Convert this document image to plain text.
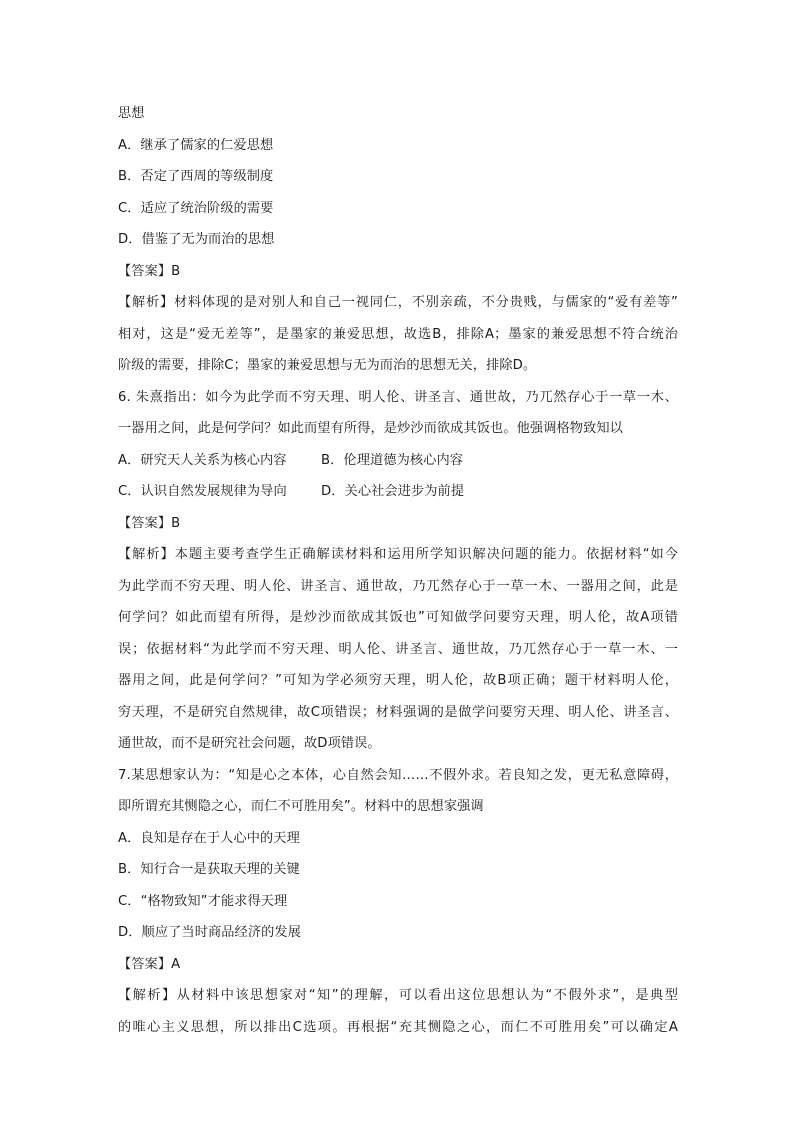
思想
A．继承了儒家的仁爱思想
B．否定了西周的等级制度
C．适应了统治阶级的需要
D．借鉴了无为而治的思想
【答案】B
【解析】材料体现的是对别人和自己一视同仁，不别亲疏，不分贵贱，与儒家的“爱有差等”
相对，这是“爱无差等”，是墨家的兼爱思想，故选B，排除A；墨家的兼爱思想不符合统治
阶级的需要，排除C；墨家的兼爱思想与无为而治的思想无关，排除D。
6. 朱熹指出：如今为此学而不穷天理、明人伦、讲圣言、通世故，乃兀然存心于一草一木、
一器用之间，此是何学问？如此而望有所得，是炒沙而欲成其饭也。他强调格物致知以
A．研究天人关系为核心内容	B．伦理道德为核心内容
C．认识自然发展规律为导向	D．关心社会进步为前提
【答案】B
【解析】本题主要考查学生正确解读材料和运用所学知识解决问题的能力。依据材料“如今
为此学而不穷天理、明人伦、讲圣言、通世故，乃兀然存心于一草一木、一器用之间，此是
何学问？如此而望有所得，是炒沙而欲成其饭也”可知做学问要穷天理，明人伦，故A项错
误；依据材料“为此学而不穷天理、明人伦、讲圣言、通世故，乃兀然存心于一草一木、一
器用之间，此是何学问？”可知为学必须穷天理，明人伦，故B项正确；题干材料明人伦，
穷天理，不是研究自然规律，故C项错误；材料强调的是做学问要穷天理、明人伦、讲圣言、
通世故，而不是研究社会问题，故D项错误。
7.某思想家认为：“知是心之本体，心自然会知……不假外求。若良知之发，更无私意障碍，
即所谓充其恻隐之心，而仁不可胜用矣”。材料中的思想家强调
A．良知是存在于人心中的天理
B．知行合一是获取天理的关键
C．“格物致知”才能求得天理
D．顺应了当时商品经济的发展
【答案】A
【解析】从材料中该思想家对“知”的理解，可以看出这位思想认为“不假外求”，是典型
的唯心主义思想，所以排出C选项。再根据“充其恻隐之心，而仁不可胜用矣”可以确定A
